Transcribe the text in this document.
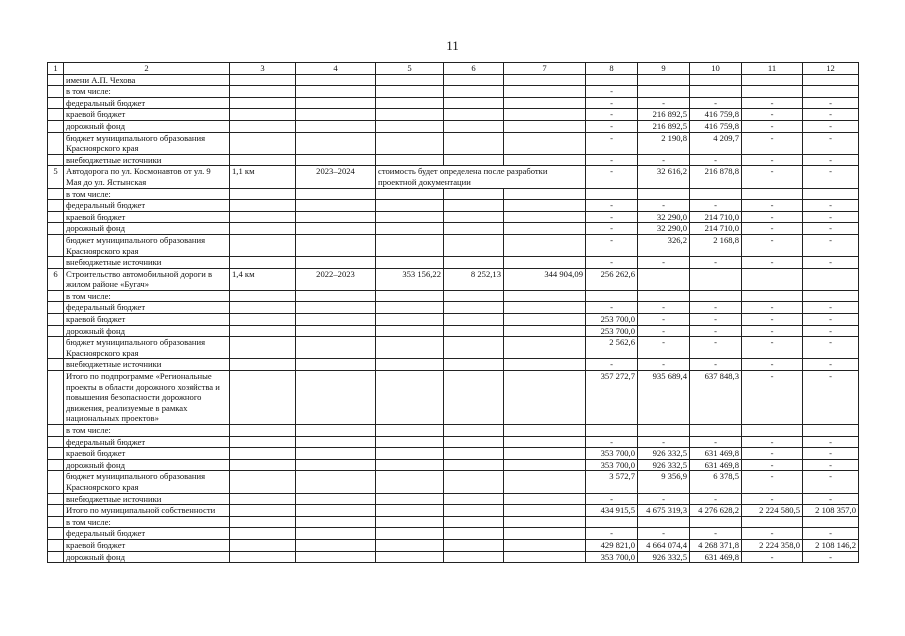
11
1	2	3	4	5	6	7	8	9	10	11	12
	имени А.П. Чехова										
	в том числе:						-				
	федеральный бюджет						-	-	-	-	-
	краевой бюджет						-	216 892,5	416 759,8	-	-
	дорожный фонд						-	216 892,5	416 759,8	-	-
	бюджет муниципального образования Красноярского края						-	2 190,8	4 209,7	-	-
	внебюджетные источники						-	-	-	-	-
5	Автодорога по ул. Космонавтов от ул. 9 Мая до ул. Ястынская	1,1 км	2023–2024	стоимость будет определена после разработки проектной документации			-	32 616,2	216 878,8	-	-
	в том числе:										
	федеральный бюджет						-	-	-	-	-
	краевой бюджет						-	32 290,0	214 710,0	-	-
	дорожный фонд						-	32 290,0	214 710,0	-	-
	бюджет муниципального образования Красноярского края						-	326,2	2 168,8	-	-
	внебюджетные источники						-	-	-	-	-
6	Строительство автомобильной дороги в жилом районе «Бугач»	1,4 км	2022–2023	353 156,22	8 252,13	344 904,09	256 262,6				
	в том числе:										
	федеральный бюджет						-	-	-	-	-
	краевой бюджет						253 700,0	-	-	-	-
	дорожный фонд						253 700,0	-	-	-	-
	бюджет муниципального образования Красноярского края						2 562,6	-	-	-	-
	внебюджетные источники						-	-	-	-	-
	Итого по подпрограмме «Региональные проекты в области дорожного хозяйства и повышения безопасности дорожного движения, реализуемые в рамках национальных проектов»						357 272,7	935 689,4	637 848,3	-	-
	в том числе:										
	федеральный бюджет						-	-	-	-	-
	краевой бюджет						353 700,0	926 332,5	631 469,8	-	-
	дорожный фонд						353 700,0	926 332,5	631 469,8	-	-
	бюджет муниципального образования Красноярского края						3 572,7	9 356,9	6 378,5	-	-
	внебюджетные источники						-	-	-	-	-
	Итого по муниципальной собственности						434 915,5	4 675 319,3	4 276 628,2	2 224 580,5	2 108 357,0
	в том числе:										
	федеральный бюджет						-	-	-	-	-
	краевой бюджет						429 821,0	4 664 074,4	4 268 371,8	2 224 358,0	2 108 146,2
	дорожный фонд						353 700,0	926 332,5	631 469,8	-	-
